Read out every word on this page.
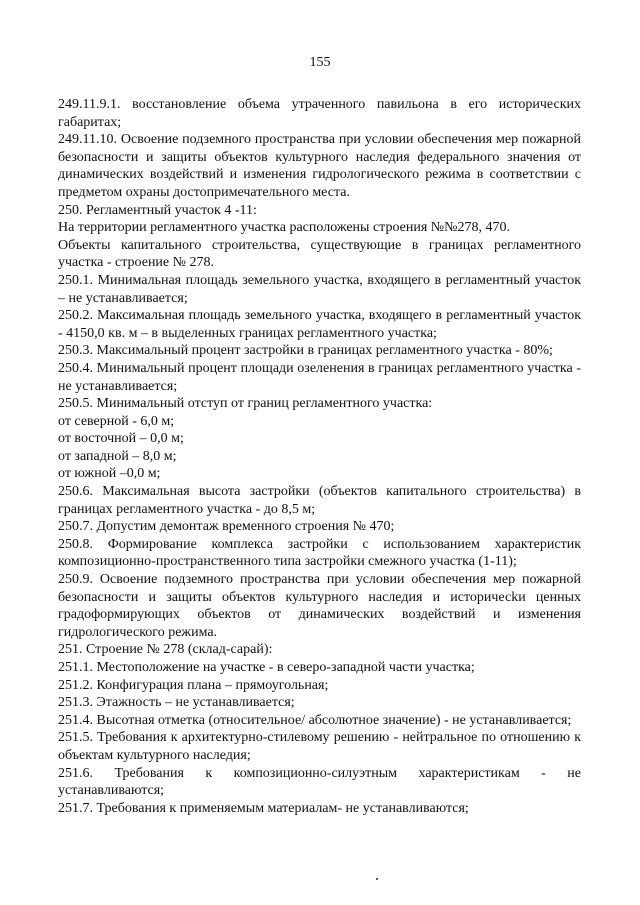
155

249.11.9.1. восстановление объема утраченного павильона в его исторических габаритах;

249.11.10. Освоение подземного пространства при условии обеспечения мер пожарной безопасности и защиты объектов культурного наследия федерального значения от динамических воздействий и изменения гидрологического режима в соответствии с предметом охраны достопримечательного места.

250. Регламентный участок 4 -11:

На территории регламентного участка расположены строения №№278, 470.

Объекты капитального строительства, существующие в границах регламентного участка - строение № 278.

250.1. Минимальная площадь земельного участка, входящего в регламентный участок – не устанавливается;

250.2. Максимальная площадь земельного участка, входящего в регламентный участок - 4150,0 кв. м – в выделенных границах регламентного участка;

250.3. Максимальный процент застройки в границах регламентного участка - 80%;

250.4. Минимальный процент площади озеленения в границах регламентного участка - не устанавливается;

250.5. Минимальный отступ от границ регламентного участка:

от северной - 6,0 м;

от восточной – 0,0 м;

от западной – 8,0 м;

от южной –0,0 м;

250.6. Максимальная высота застройки (объектов капитального строительства) в границах регламентного участка - до 8,5 м;

250.7. Допустим демонтаж временного строения № 470;

250.8. Формирование комплекса застройки с использованием характеристик композиционно-пространственного типа застройки смежного участка (1-11);

250.9. Освоение подземного пространства при условии обеспечения мер пожарной безопасности и защиты объектов культурного наследия и историчесkи ценных градоформирующих объектов от динамических воздействий и изменения гидрологического режима.

251. Строение № 278 (склад-сарай):

251.1. Местоположение на участке - в северо-западной части участка;

251.2. Конфигурация плана – прямоугольная;

251.3. Этажность – не устанавливается;

251.4. Высотная отметка (относительное/ абсолютное значение) - не устанавливается;

251.5. Требования к архитектурно-стилевому решению - нейтральное по отношению к объектам культурного наследия;

251.6. Требования к композиционно-силуэтным характеристикам - не устанавливаются;

251.7. Требования к применяемым материалам- не устанавливаются;
